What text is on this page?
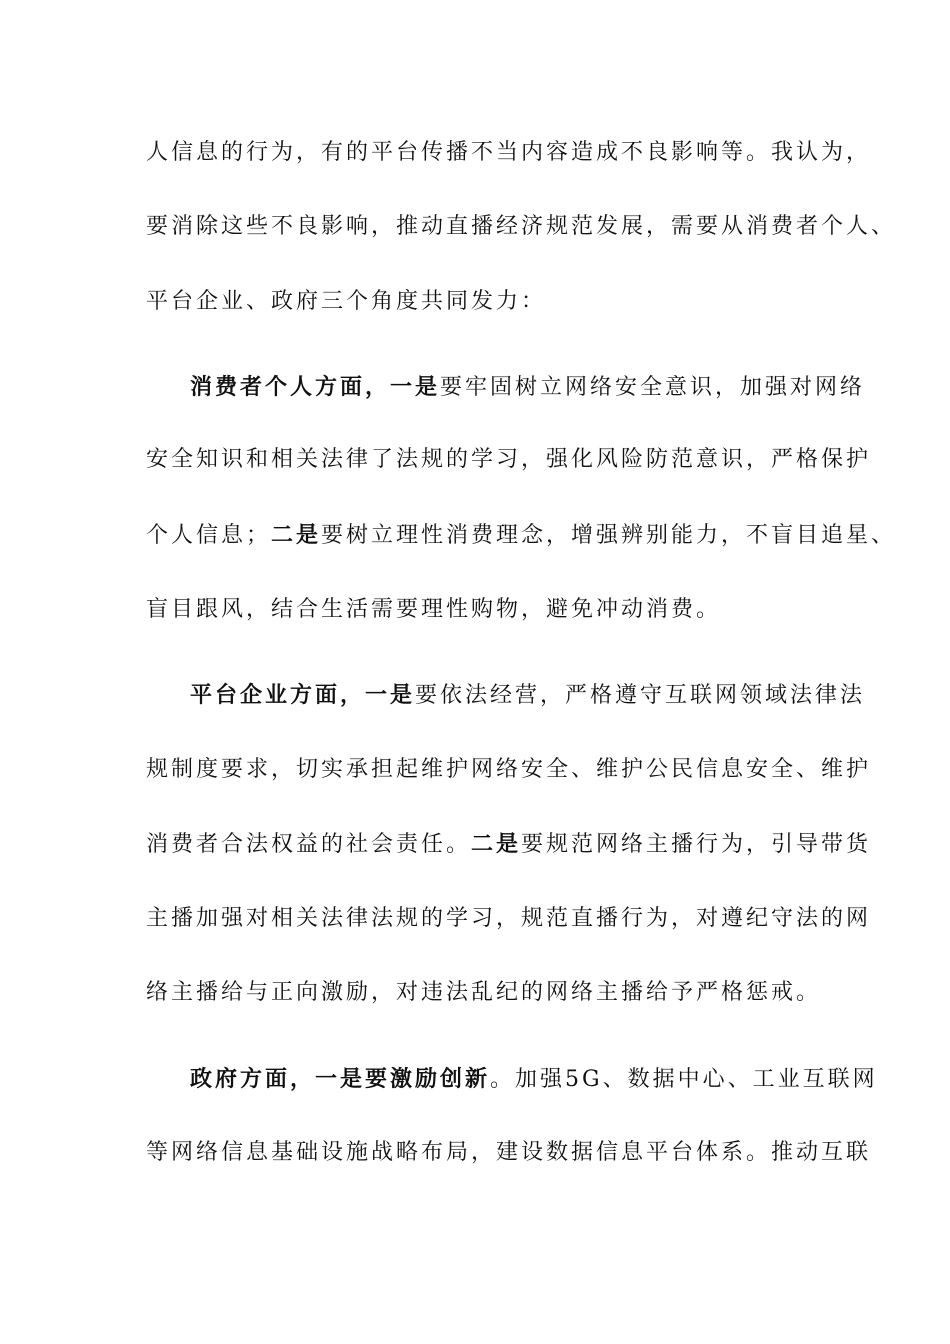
人信息的行为，有的平台传播不当内容造成不良影响等。我认为，
要消除这些不良影响，推动直播经济规范发展，需要从消费者个人、
平台企业、政府三个角度共同发力：
消费者个人方面，一是要牢固树立网络安全意识，加强对网络
安全知识和相关法律了法规的学习，强化风险防范意识，严格保护
个人信息；二是要树立理性消费理念，增强辨别能力，不盲目追星、
盲目跟风，结合生活需要理性购物，避免冲动消费。
平台企业方面，一是要依法经营，严格遵守互联网领域法律法
规制度要求，切实承担起维护网络安全、维护公民信息安全、维护
消费者合法权益的社会责任。二是要规范网络主播行为，引导带货
主播加强对相关法律法规的学习，规范直播行为，对遵纪守法的网
络主播给与正向激励，对违法乱纪的网络主播给予严格惩戒。
政府方面，一是要激励创新。加强5G、数据中心、工业互联网
等网络信息基础设施战略布局，建设数据信息平台体系。推动互联
